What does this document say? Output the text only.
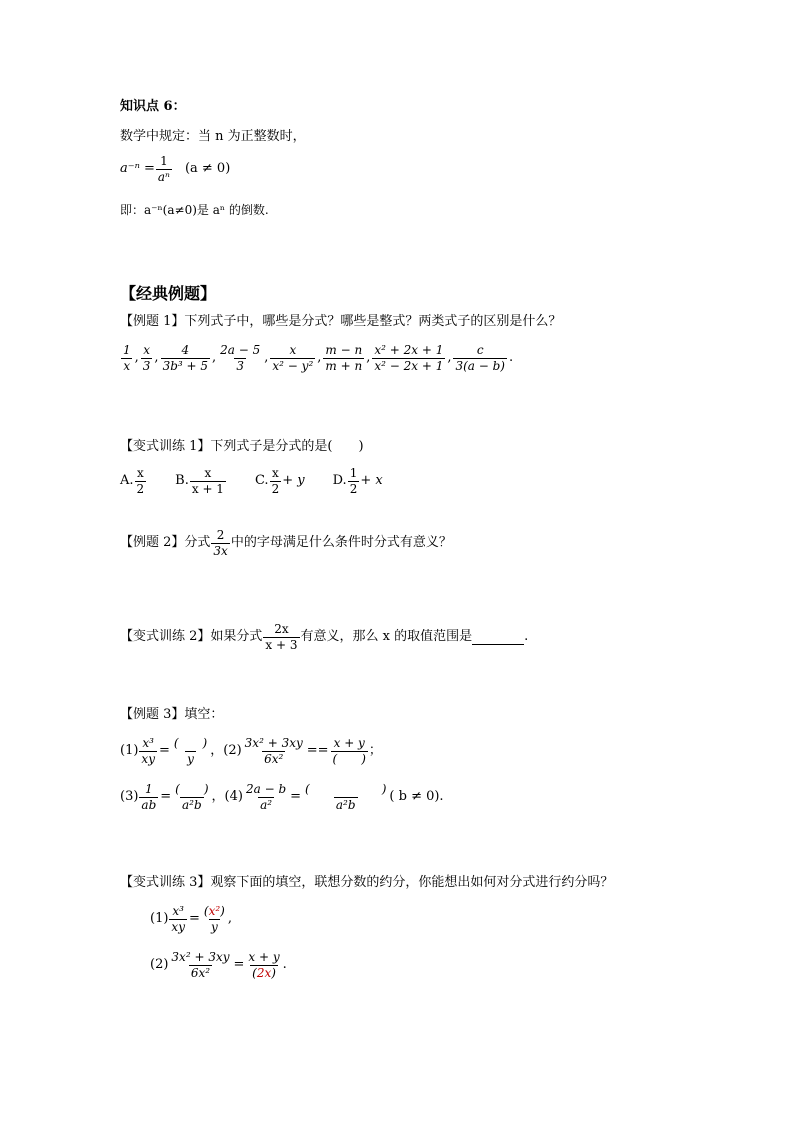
知识点 6：
数学中规定：当 n 为正整数时，
$a^{-n} = \frac{1}{\text{aⁿ}} (a \ne 0)$
即：a⁻ⁿ(a≠0)是 aⁿ 的倒数.
【经典例题】
【例题 1】下列式子中，哪些是分式？哪些是整式？两类式子的区别是什么？
$\frac{1}{x}$ , $\frac{x}{3}$ , $\frac{4}{\text{3b³ + 5}}$ , $\frac{2a - 5}{3}$ , $\frac{x}{\text{x² − y²}}$ , $\frac{m - n}{m + n}$ , $\frac{\text{x² + 2x + 1}}{\text{x² − 2x + 1}}$ , $\frac{c}{3(a - b)}$ .
【变式训练 1】下列式子是分式的是(　　)
A. $\frac{x}{2} B$. $\frac{x}{x + 1} C$. $\frac{x}{2} + y$ D. $\frac{1}{2} + x$
【例题 2】分式 $\frac{2}{3x}$ 中的字母满足什么条件时分式有意义？
【变式训练 2】如果分式 $\frac{2x}{x + 3}$ 有意义，那么 x 的取值范围是	.
【例题 3】填空：
$(1) \frac{\text{x³}}{xy} = \frac{( )}{y}$ ，$(2) \frac{\text{3x² + 3xy}}{\text{6x²}} == \frac{x + y}{( )}$ ；
$(3) \frac{1}{ab} = \frac{( )}{\text{a²b}}$ ，$(4) \frac{2a - b}{\text{a²}} = \frac{( )}{\text{a²b}}$ ( b ≠ 0).
【变式训练 3】观察下面的填空，联想分数的约分，你能想出如何对分式进行约分吗？
$(1) \frac{\text{x³}}{xy} = \frac{\text{(x²)}}{y}$ ,
$(2) \frac{\text{3x² + 3xy}}{\text{6x²}} = \frac{x + y}{(2x)}$ .
